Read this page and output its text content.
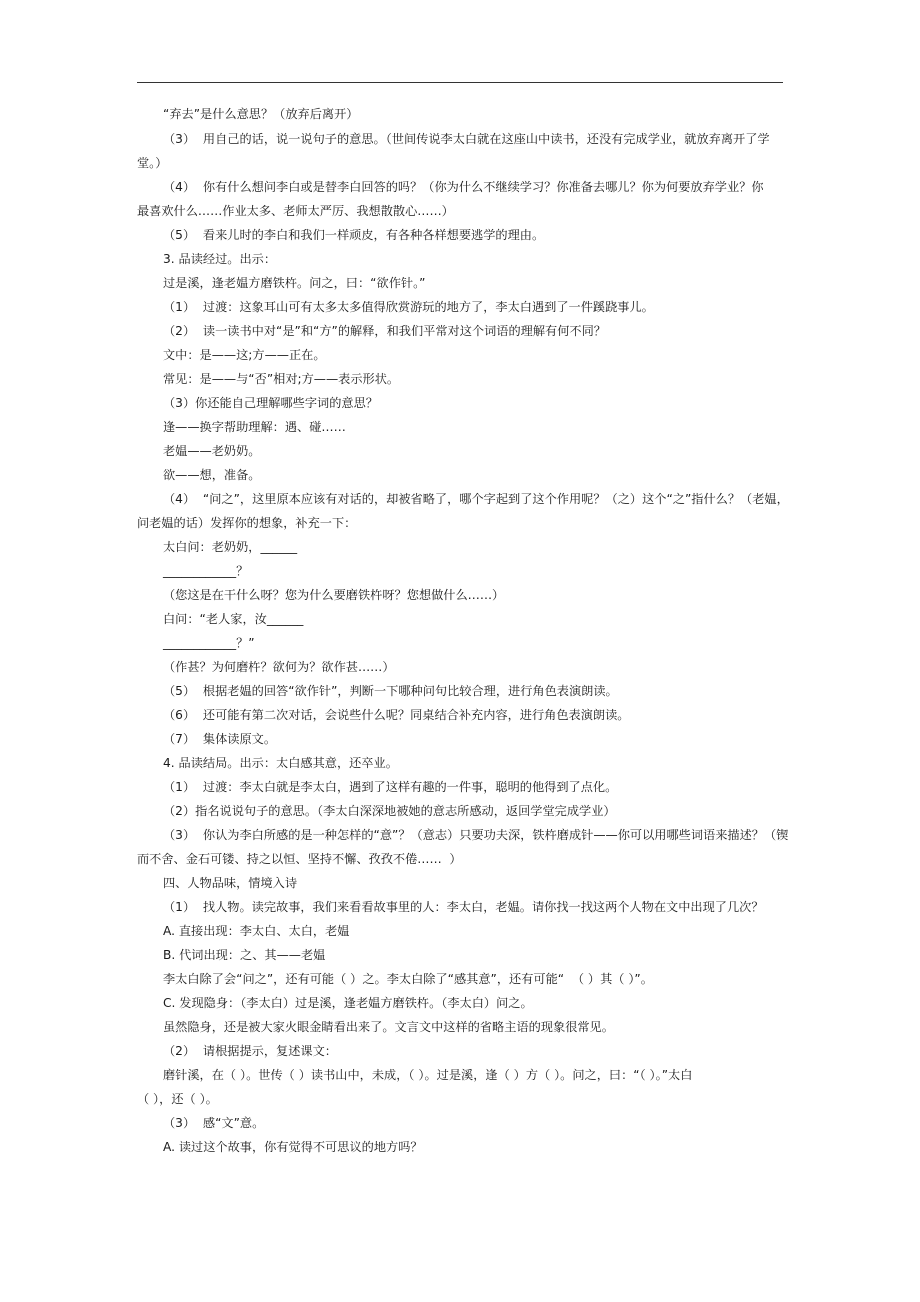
“弃去”是什么意思？（放弃后离开）
（3）  用自己的话，说一说句子的意思。（世间传说李太白就在这座山中读书，还没有完成学业，就放弃离开了学
堂。）
（4）  你有什么想问李白或是替李白回答的吗？（你为什么不继续学习？你准备去哪儿？你为何要放弃学业？你
最喜欢什么……作业太多、老师太严厉、我想散散心……）
（5）  看来儿时的李白和我们一样顽皮，有各种各样想要逃学的理由。
3. 品读经过。出示：
过是溪，逢老媪方磨铁杵。问之，曰：“欲作针。”
（1）  过渡：这象耳山可有太多太多值得欣赏游玩的地方了，李太白遇到了一件蹊跷事儿。
（2）  读一读书中对“是”和“方”的解释，和我们平常对这个词语的理解有何不同？
文中：是——这;方——正在。
常见：是——与“否”相对;方——表示形状。
（3）你还能自己理解哪些字词的意思？
逢——换字帮助理解：遇、碰……
老媪——老奶奶。
欲——想，准备。
（4）  “问之”，这里原本应该有对话的，却被省略了，哪个字起到了这个作用呢？（之）这个“之”指什么？（老媪，
问老媪的话）发挥你的想象，补充一下：
太白问：老奶奶，______
____________？
（您这是在干什么呀？您为什么要磨铁杵呀？您想做什么……）
白问：“老人家，汝______
____________？”
（作甚？为何磨杵？欲何为？欲作甚……）
（5）  根据老媪的回答“欲作针”，判断一下哪种问句比较合理，进行角色表演朗读。
（6）  还可能有第二次对话，会说些什么呢？同桌结合补充内容，进行角色表演朗读。
（7）  集体读原文。
4. 品读结局。出示：太白感其意，还卒业。
（1）  过渡：李太白就是李太白，遇到了这样有趣的一件事，聪明的他得到了点化。
（2）指名说说句子的意思。（李太白深深地被她的意志所感动，返回学堂完成学业）
（3）  你认为李白所感的是一种怎样的“意”？（意志）只要功夫深，铁杵磨成针——你可以用哪些词语来描述？（锲
而不舍、金石可镂、持之以恒、坚持不懈、孜孜不倦……  ）
四、人物品味，情境入诗
（1）  找人物。读完故事，我们来看看故事里的人：李太白，老媪。请你找一找这两个人物在文中出现了几次？
A. 直接出现：李太白、太白，老媪
B. 代词出现：之、其——老媪
李太白除了会“问之”，还有可能（ ）之。李太白除了“感其意”，还有可能“  （ ）其（ ）”。
C. 发现隐身：（李太白）过是溪，逢老媪方磨铁杵。（李太白）问之。
虽然隐身，还是被大家火眼金睛看出来了。文言文中这样的省略主语的现象很常见。
（2）  请根据提示，复述课文：
磨针溪，在（ ）。世传（ ）读书山中，未成，（ ）。过是溪，逢（ ）方（ ）。问之，曰：“（ ）。”太白
（ ），还（ ）。
（3）  感“文”意。
A. 读过这个故事，你有觉得不可思议的地方吗？
